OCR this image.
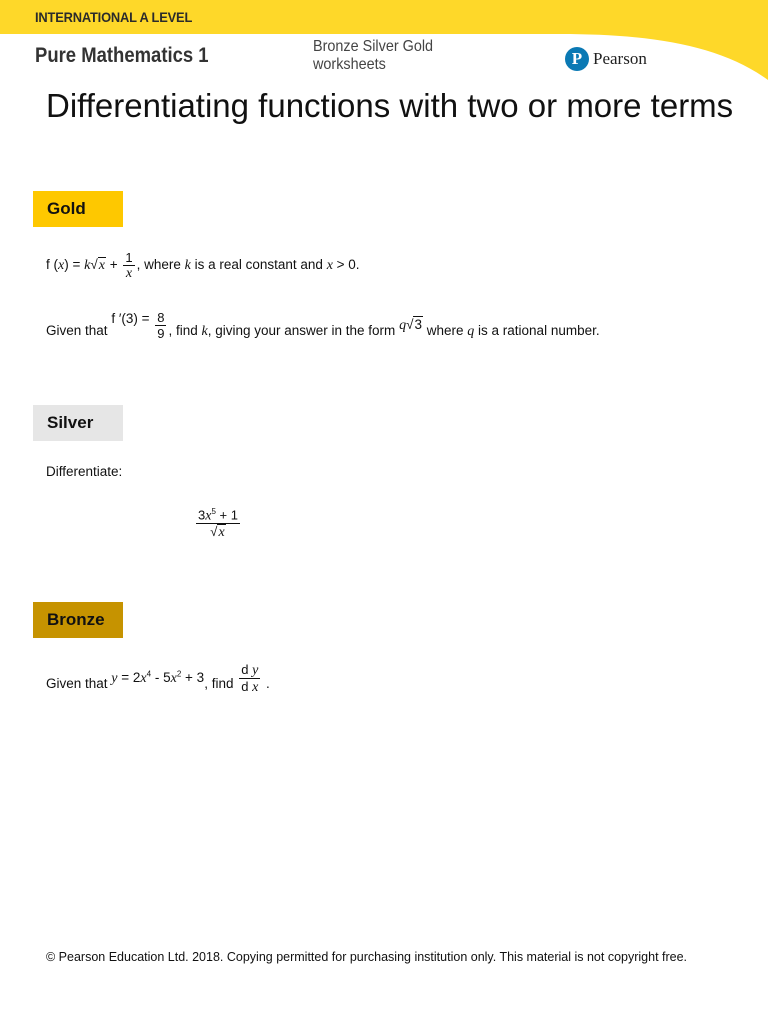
INTERNATIONAL A LEVEL
Pure Mathematics 1	Bronze Silver Gold
worksheets	P Pearson
Differentiating functions with two or more terms
Gold
f $(x) = k√x + \frac{1}{x}$ , where k is a real constant and x > 0.
Given that f $'(3) = \frac{8}{9}$ , find k, giving your answer in the form q√3 where q is a rational number.
Silver
Differentiate:
$\frac{3x^5 + 1}{√x}$
Bronze
Given that $y = 2x^4 - 5x^2 + 3$, find $\frac{\text{d y}}{\text{d x}}$ .
© Pearson Education Ltd. 2018. Copying permitted for purchasing institution only. This material is not copyright free.
